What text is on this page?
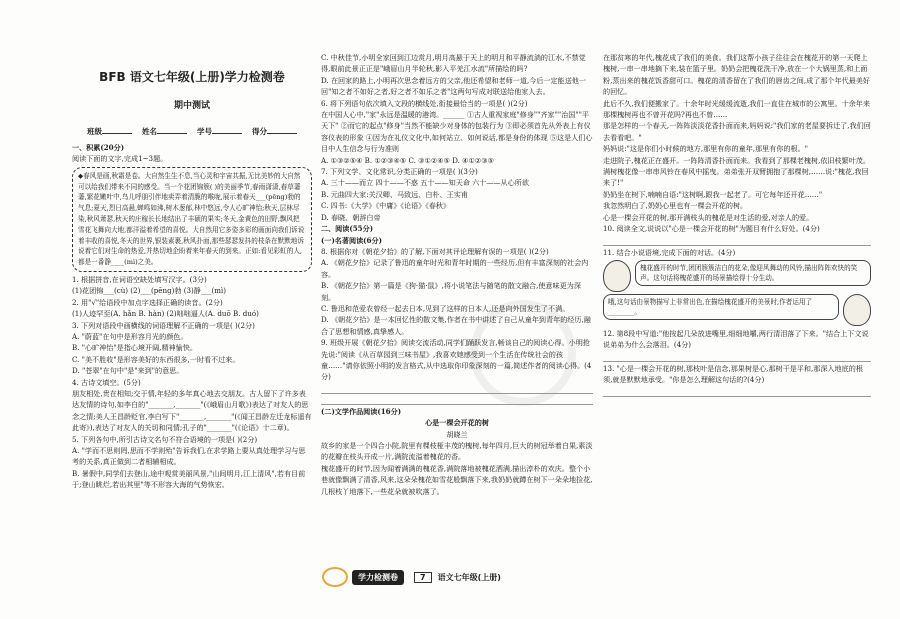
BFB 语文七年级(上册)学力检测卷
期中测试
班级	姓名	学号	得分

一、积累(20分)

阅读下面的文字,完成1~3题。

◆春风是画,秋霜是卷。大自然生生不息,当心灵和宇宙共振,无比美妙的大自然可以给我们带来不同的感受。当一个花团锦簇( )的美丽季节,春雨潇潇,春草萋萋,繁花嫩叶中,鸟儿呼朋引伴地卖弄着清脆的喉咙,展示着春天___(pēng)勃的气息;夏天,烈日高悬,蝉鸣如沸,树木葱郁,林中悠远,令人心旷神怡;秋天,层林尽染,秋风萧瑟,秋天的庄稼长长地结出了丰硕的果实;冬天,金黄色的田野,飘风把雪花飞舞向大地,都洋溢着希望的喜悦。大自然用它多姿多彩的画面向我们诉说着丰收的喜悦,冬天的世界,银装素裹,秋风扑面,那些瑟瑟发抖的枝条在默默地诉说着它们对生命的热爱,并热切地企盼着来年春天的到来。正如:看见彩虹的人,都是一番静____(mì)之美。

1. 根据拼音,在词语空缺处填写汉字。(3分)

(1)花团锦___(cù) (2)___(pēng)勃 (3)静___(mì)

2. 用"√"给语段中加点字选择正确的读音。(2分)

(1)人迹罕至(A. hǎn B. hàn) (2)咄咄逼人(A. duō B. duó)

3. 下列对语段中画横线的词语理解不正确的一项是( )(2分)

A. "蔚蓝"在句中是形容月光的颜色。

B. "心旷神怡"是指心境开阔,精神愉快。

C. "美不胜收"是形容美好的东西很多,一时看不过来。

D. "苍翠"在句中"是"来到"的意思。

4. 古诗文填空。(5分)

朋友相处,贵在相知;交于情,年轻的多年真心地去交朋友。古人留下了许多表达友情的诗句,如李白的"_______,_______"(《峨眉山月歌》)表达了对友人的思念之情;美人王昌龄贬官,李白写下"_______,_______"(《闻王昌龄左迁龙标遥有此寄》),表达了对友人的关切和同情;孔子的"_______"(《论语》十二章)。

5. 下列各句中,所引古诗文名句不符合语境的一项是( )(2分)

A. "学而不思则罔,思而不学则殆"告诉我们,在求学路上要从真处理学习与思考的关系,真正做到二者相辅相成。

B. 暑假中,同学们去登山,途中观赏美丽风景,"山间明月,江上清风",若有目前于;登山眺烂,若出其里"等不形容大海的气势恢宏。

C. 中秋佳节,小明全家回到江边赏月,明月高悬于天上的明月和平静流淌的江水,不禁觉得,眼前此景正正是"峨眉山月半轮秋,影入平羌江水流"所描绘的吗?

D. 在回家的路上,小明再次思念着远方的父亲,他还希望和老师一道,今后一定能送他一回"知之者不如好之者,好之者不如乐之者"这两句写成对联送给他家人去。

6. 将下列语句依次填入文段的横线处,衔接最恰当的一项是( )(2分)

在中国人心中,"家"永远是温暖的港湾。______ ①古人重视家庭"修身""齐家""治国""平天下" ②而它的起点"修身"当然不能缺少对身体的包装行为 ③即必须首先从外表上有仪容仪表的形象 ④因为在礼仪文化中,如何站立、如何说话,都是身份的体现 ⑤这是人们心目中人生信念与行为准则

A. ①③②⑤④ B. ①②③④⑤ C. ③①②④⑤ D. ④①②③⑤

7. 下列文学、文化常识,分类正确的一项是( )(3分)

A. 三十——而立 四十——不惑 五十——知天命 六十——从心所欲

B. 元曲四大家:关汉卿、马致远、白朴、王实甫

C. 四书:《大学》《中庸》《论语》《春秋》

D. 春晓、朝辞白帝

二、阅读(55分)

(一)名著阅读(6分)

8. 根据你对《朝花夕拾》的了解,下面对其评论理解有误的一项是( )(2分)

A. 《朝花夕拾》记录了鲁迅的童年时光和青年时期的一些经历,但有丰富深刻的社会内容。

B. 《朝花夕拾》第一篇是《狗·猫·鼠》,将小说笔法与随笔的散文融合,使意味更为深刻。

C. 鲁迅和范爱农曾经一起去日本,见到了这样的日本人,还是向外国发生了不满。

D. 《朝花夕拾》是一本回忆性的散文集,作者在书中讲述了自己从童年到青年的经历,融合了思想和情感,真挚感人。

9. 班级开展《朝花夕拾》阅读交流活动,同学们踊跃发言,畅谈自己的阅读心得。小明抢先说:"阅读《从百草园到三味书屋》,我喜欢她感受到一个生活在传统社会的孩童……"请你依照小明的发言格式,从中选取你印象深刻的一篇,简述作者的阅读心得。(4分)

(二)文学作品阅读(16分)

心是一棵会开花的树

胡晓兰

故乡的家是一个四合小院,院里有棵枝桠丰茂的槐树,每年四月,巨大的树冠举着白果,素淡的花瓣在枝头开成一片,满院流溢着槐花的香。

槐花盛开的时节,因为闻着满满的槐花香,满院落地被槐花洒满,描出淳朴的欢庆。整个小巷就像飘满了清香,风来,这朵朵槐花如雪花般飘落下来,我奶奶就蹲在树下一朵朵地捡花,几根枝丫地落下,一些花朵就被吹落了。

在那贫寒的年代,槐花成了我们的美食。我们这帮小孩子往往会在槐花开的第一天爬上槐树,一串一串地摘下来,装在篮子里。奶奶会把槐花洗干净,放在一个大锅里蒸,和上面粉,蒸出来的槐花饭香甜可口。槐花的清香留在了我们的唇齿之间,成了那个年代最美好的回忆。

此后不久,我们便搬家了。十余年时光缓缓流逝,我们一直住在城市的公寓里。十余年来那棵槐树再也不曾开花吗?再也不曾……

那是怎样的一个春天,一阵阵淡淡花香扑面而来,妈妈说:"我们家的老屋要拆迁了,我们回去看看吧。"

妈妈说:"这是你们小时候的地方,那里有你的童年,那里有你的根。"

走进院子,槐花正在盛开。一阵阵清香扑面而来。我看到了那棵老槐树,依旧枝繁叶茂。满树槐花像一串串风铃在春风中摇曳。弟弟张开双臂拥抱了那棵树,……说:"槐花,我回来了!"

奶奶坐在树下,喃喃自语:"这树啊,跟我一起老了。可它每年还开花……"

我忽然明白了,奶奶心里也有一棵会开花的树。

心是一棵会开花的树,那开满枝头的槐花是对生活的爱,对亲人的爱。

10. 阅读全文,说说以"心是一棵会开花的树"为题目有什么好处。(4分)

11. 结合小说语境,完成下面的对话。(4分)

槐花盛开的时节,团团簇簇洁白的花朵,像迎风舞动的风铃,描出阵阵欢快的笑声。这句话将槐花盛开的场景描绘得十分生动。
哦,这句话由景物描写上非常出色,在描绘槐花盛开的美景时,作者运用了________。

12. 第8段中写道:"他按起几朵放进嘴里,细细地嚼,两行清泪落了下来。"结合上下文说说弟弟为什么会落泪。(4分)

13. "心是一棵会开花的树,那枝叶是信念,那果树是心,那树干是平和,那深入地底的根须,就是默默地承受。"你是怎么理解这句话的?(4分)

学力检测卷	7	语文七年级(上册)
